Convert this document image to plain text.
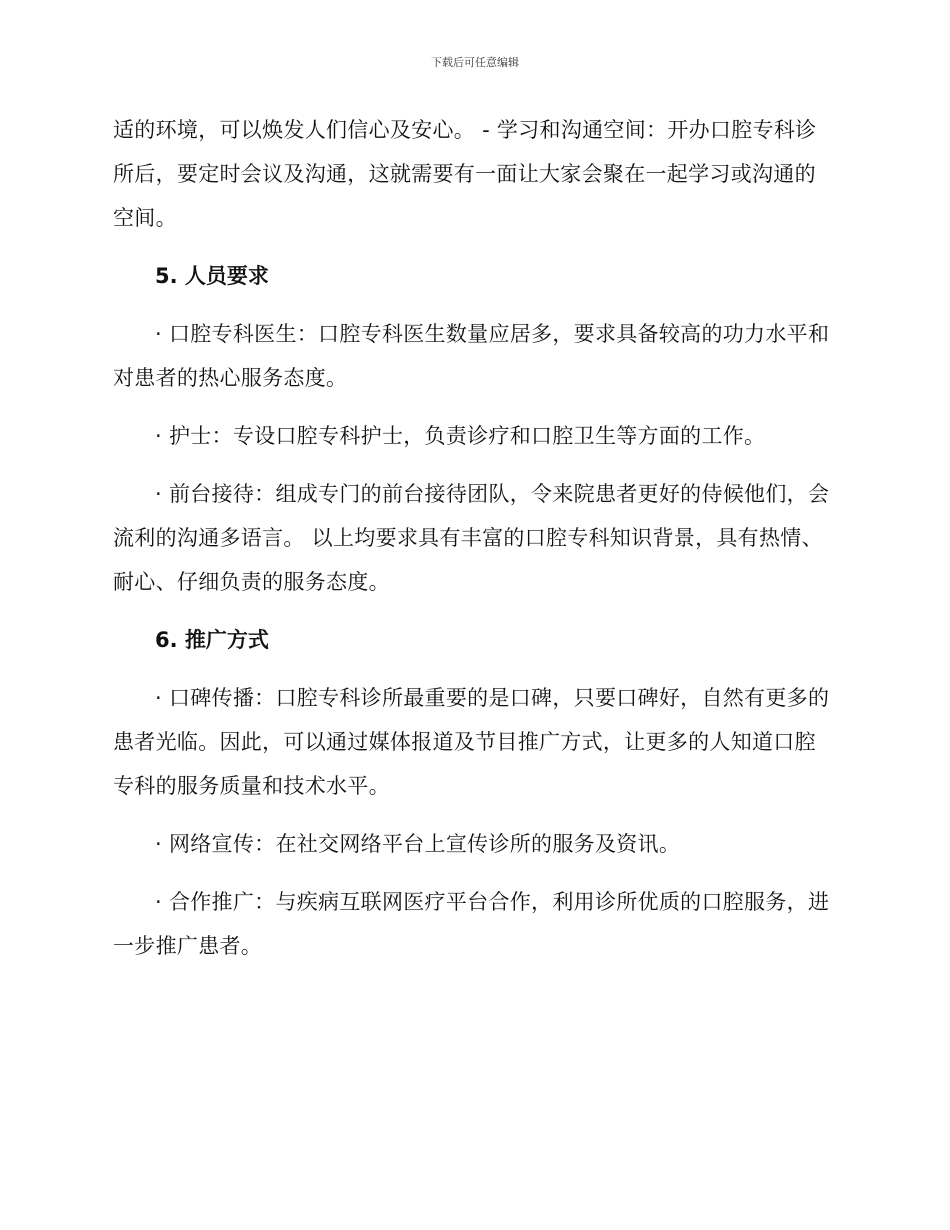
下载后可任意编辑

适的环境，可以焕发人们信心及安心。 - 学习和沟通空间：开办口腔专科诊所后，要定时会议及沟通，这就需要有一面让大家会聚在一起学习或沟通的空间。

5. 人员要求

· 口腔专科医生：口腔专科医生数量应居多，要求具备较高的功力水平和对患者的热心服务态度。

· 护士：专设口腔专科护士，负责诊疗和口腔卫生等方面的工作。

· 前台接待：组成专门的前台接待团队，令来院患者更好的侍候他们，会流利的沟通多语言。 以上均要求具有丰富的口腔专科知识背景，具有热情、耐心、仔细负责的服务态度。

6. 推广方式

· 口碑传播：口腔专科诊所最重要的是口碑，只要口碑好，自然有更多的患者光临。因此，可以通过媒体报道及节目推广方式，让更多的人知道口腔专科的服务质量和技术水平。

· 网络宣传：在社交网络平台上宣传诊所的服务及资讯。

· 合作推广：与疾病互联网医疗平台合作，利用诊所优质的口腔服务，进一步推广患者。
